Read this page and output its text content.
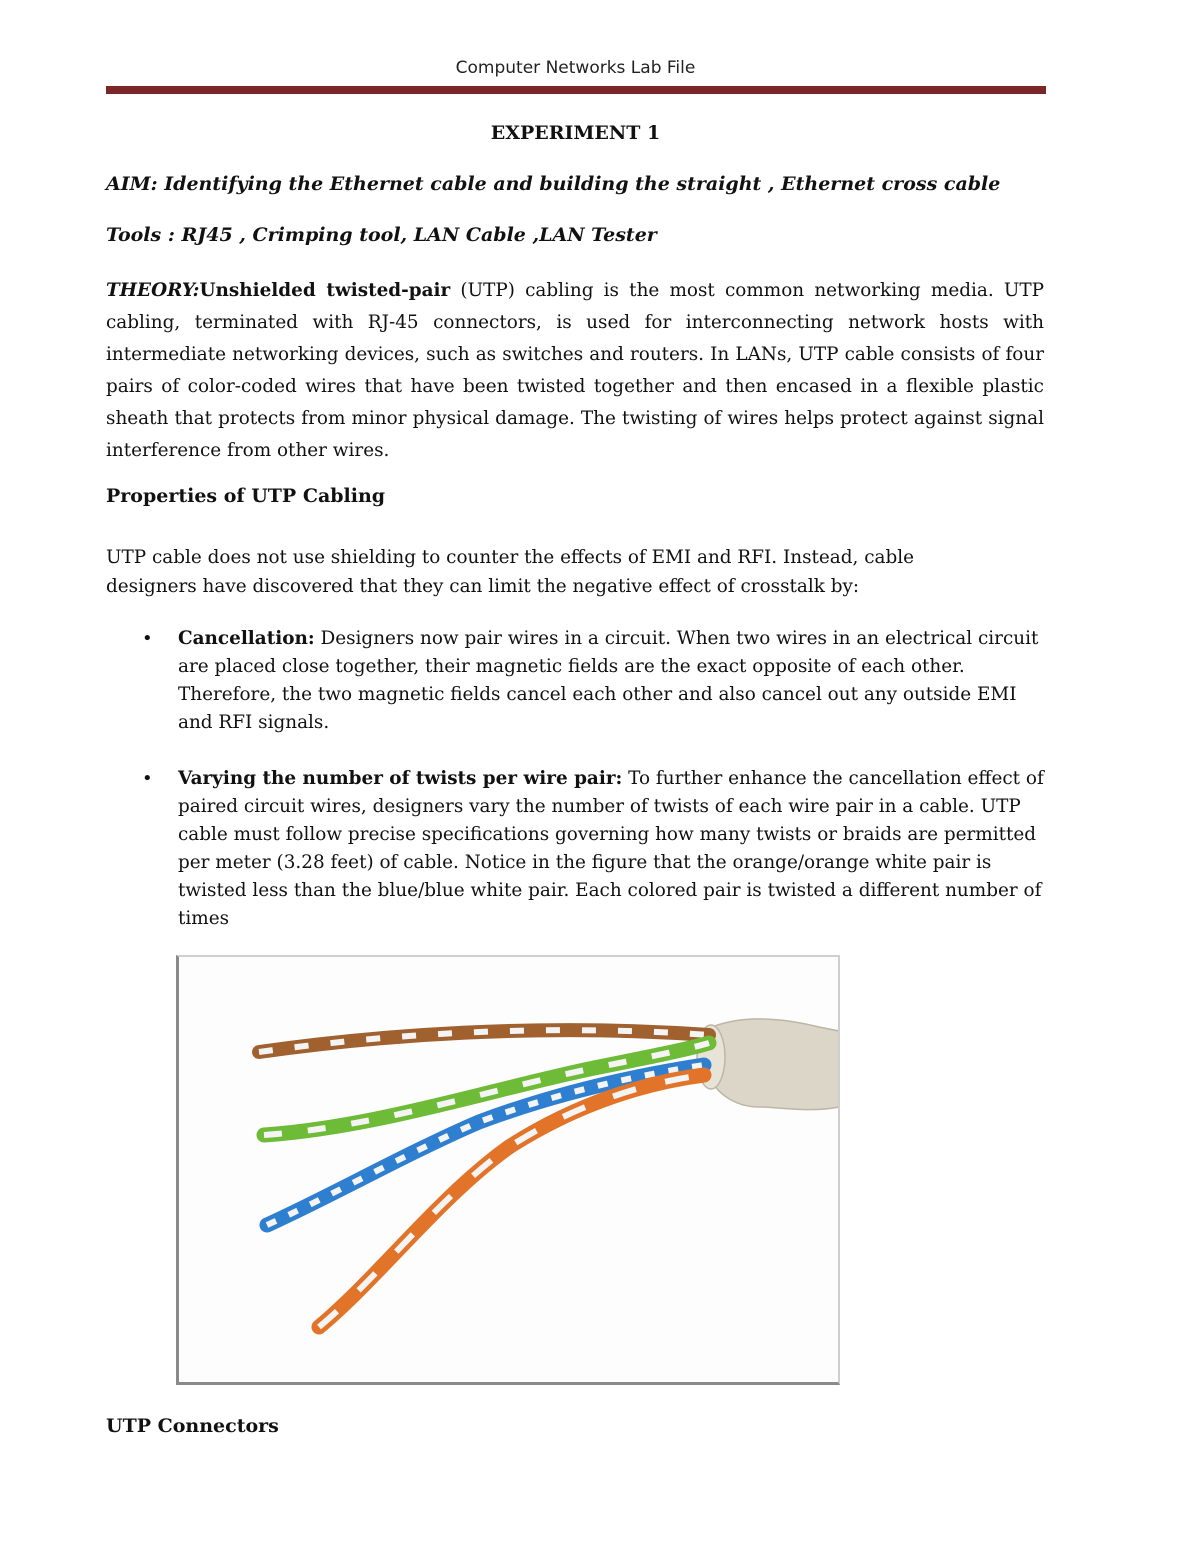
Computer Networks Lab File
EXPERIMENT 1
AIM: Identifying the Ethernet cable and building the straight , Ethernet cross cable
Tools : RJ45 , Crimping tool, LAN Cable ,LAN Tester
THEORY:Unshielded twisted-pair (UTP) cabling is the most common networking media. UTP cabling, terminated with RJ-45 connectors, is used for interconnecting network hosts with intermediate networking devices, such as switches and routers. In LANs, UTP cable consists of four pairs of color-coded wires that have been twisted together and then encased in a flexible plastic sheath that protects from minor physical damage. The twisting of wires helps protect against signal interference from other wires.
Properties of UTP Cabling
UTP cable does not use shielding to counter the effects of EMI and RFI. Instead, cable designers have discovered that they can limit the negative effect of crosstalk by:
• Cancellation: Designers now pair wires in a circuit. When two wires in an electrical circuit are placed close together, their magnetic fields are the exact opposite of each other. Therefore, the two magnetic fields cancel each other and also cancel out any outside EMI and RFI signals.
• Varying the number of twists per wire pair: To further enhance the cancellation effect of paired circuit wires, designers vary the number of twists of each wire pair in a cable. UTP cable must follow precise specifications governing how many twists or braids are permitted per meter (3.28 feet) of cable. Notice in the figure that the orange/orange white pair is twisted less than the blue/blue white pair. Each colored pair is twisted a different number of times
UTP Connectors
